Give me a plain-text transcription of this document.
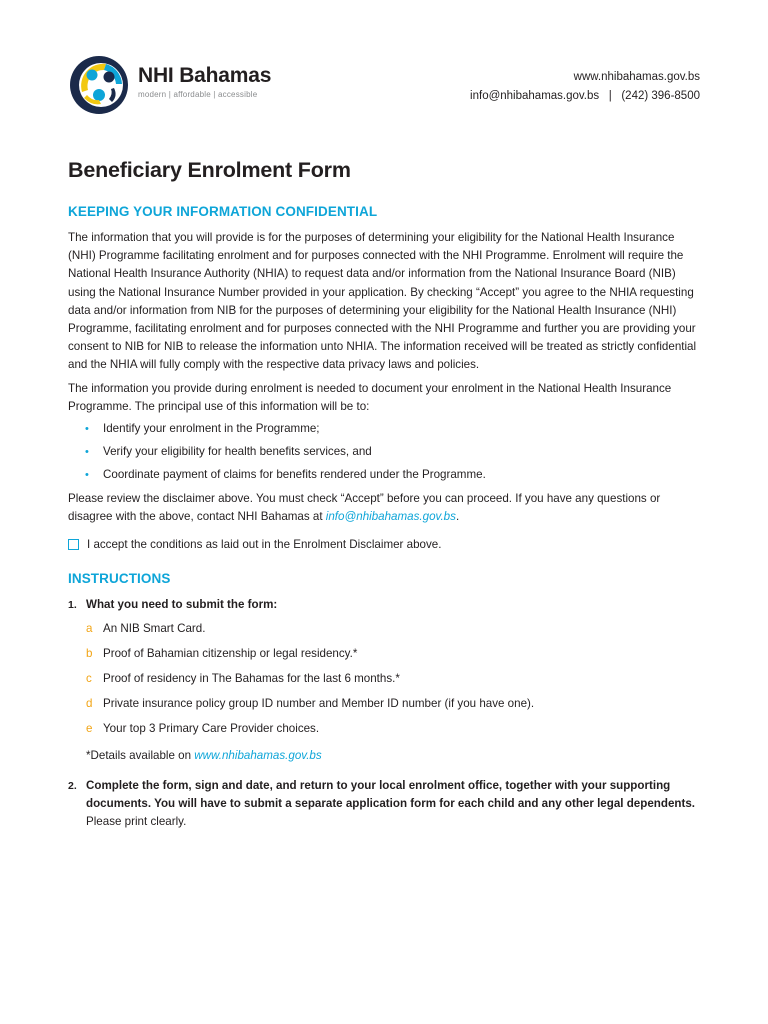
NHI Bahamas
modern | affordable | accessible
www.nhibahamas.gov.bs
info@nhibahamas.gov.bs | (242) 396-8500
Beneficiary Enrolment Form
KEEPING YOUR INFORMATION CONFIDENTIAL

The information that you will provide is for the purposes of determining your eligibility for the National Health Insurance (NHI) Programme facilitating enrolment and for purposes connected with the NHI Programme. Enrolment will require the National Health Insurance Authority (NHIA) to request data and/or information from the National Insurance Board (NIB) using the National Insurance Number provided in your application. By checking “Accept” you agree to the NHIA requesting data and/or information from NIB for the purposes of determining your eligibility for the National Health Insurance (NHI) Programme, facilitating enrolment and for purposes connected with the NHI Programme and further you are providing your consent to NIB for NIB to release the information unto NHIA. The information received will be treated as strictly confidential and the NHIA will fully comply with the respective data privacy laws and policies.

The information you provide during enrolment is needed to document your enrolment in the National Health Insurance Programme. The principal use of this information will be to:

• Identify your enrolment in the Programme;
• Verify your eligibility for health benefits services, and
• Coordinate payment of claims for benefits rendered under the Programme.

Please review the disclaimer above. You must check “Accept” before you can proceed. If you have any questions or disagree with the above, contact NHI Bahamas at info@nhibahamas.gov.bs.

I accept the conditions as laid out in the Enrolment Disclaimer above.
INSTRUCTIONS
1. What you need to submit the form:
a An NIB Smart Card.
b Proof of Bahamian citizenship or legal residency.*
c Proof of residency in The Bahamas for the last 6 months.*
d Private insurance policy group ID number and Member ID number (if you have one).
e Your top 3 Primary Care Provider choices.
*Details available on www.nhibahamas.gov.bs
2. Complete the form, sign and date, and return to your local enrolment office, together with your supporting documents. You will have to submit a separate application form for each child and any other legal dependents.
Please print clearly.
